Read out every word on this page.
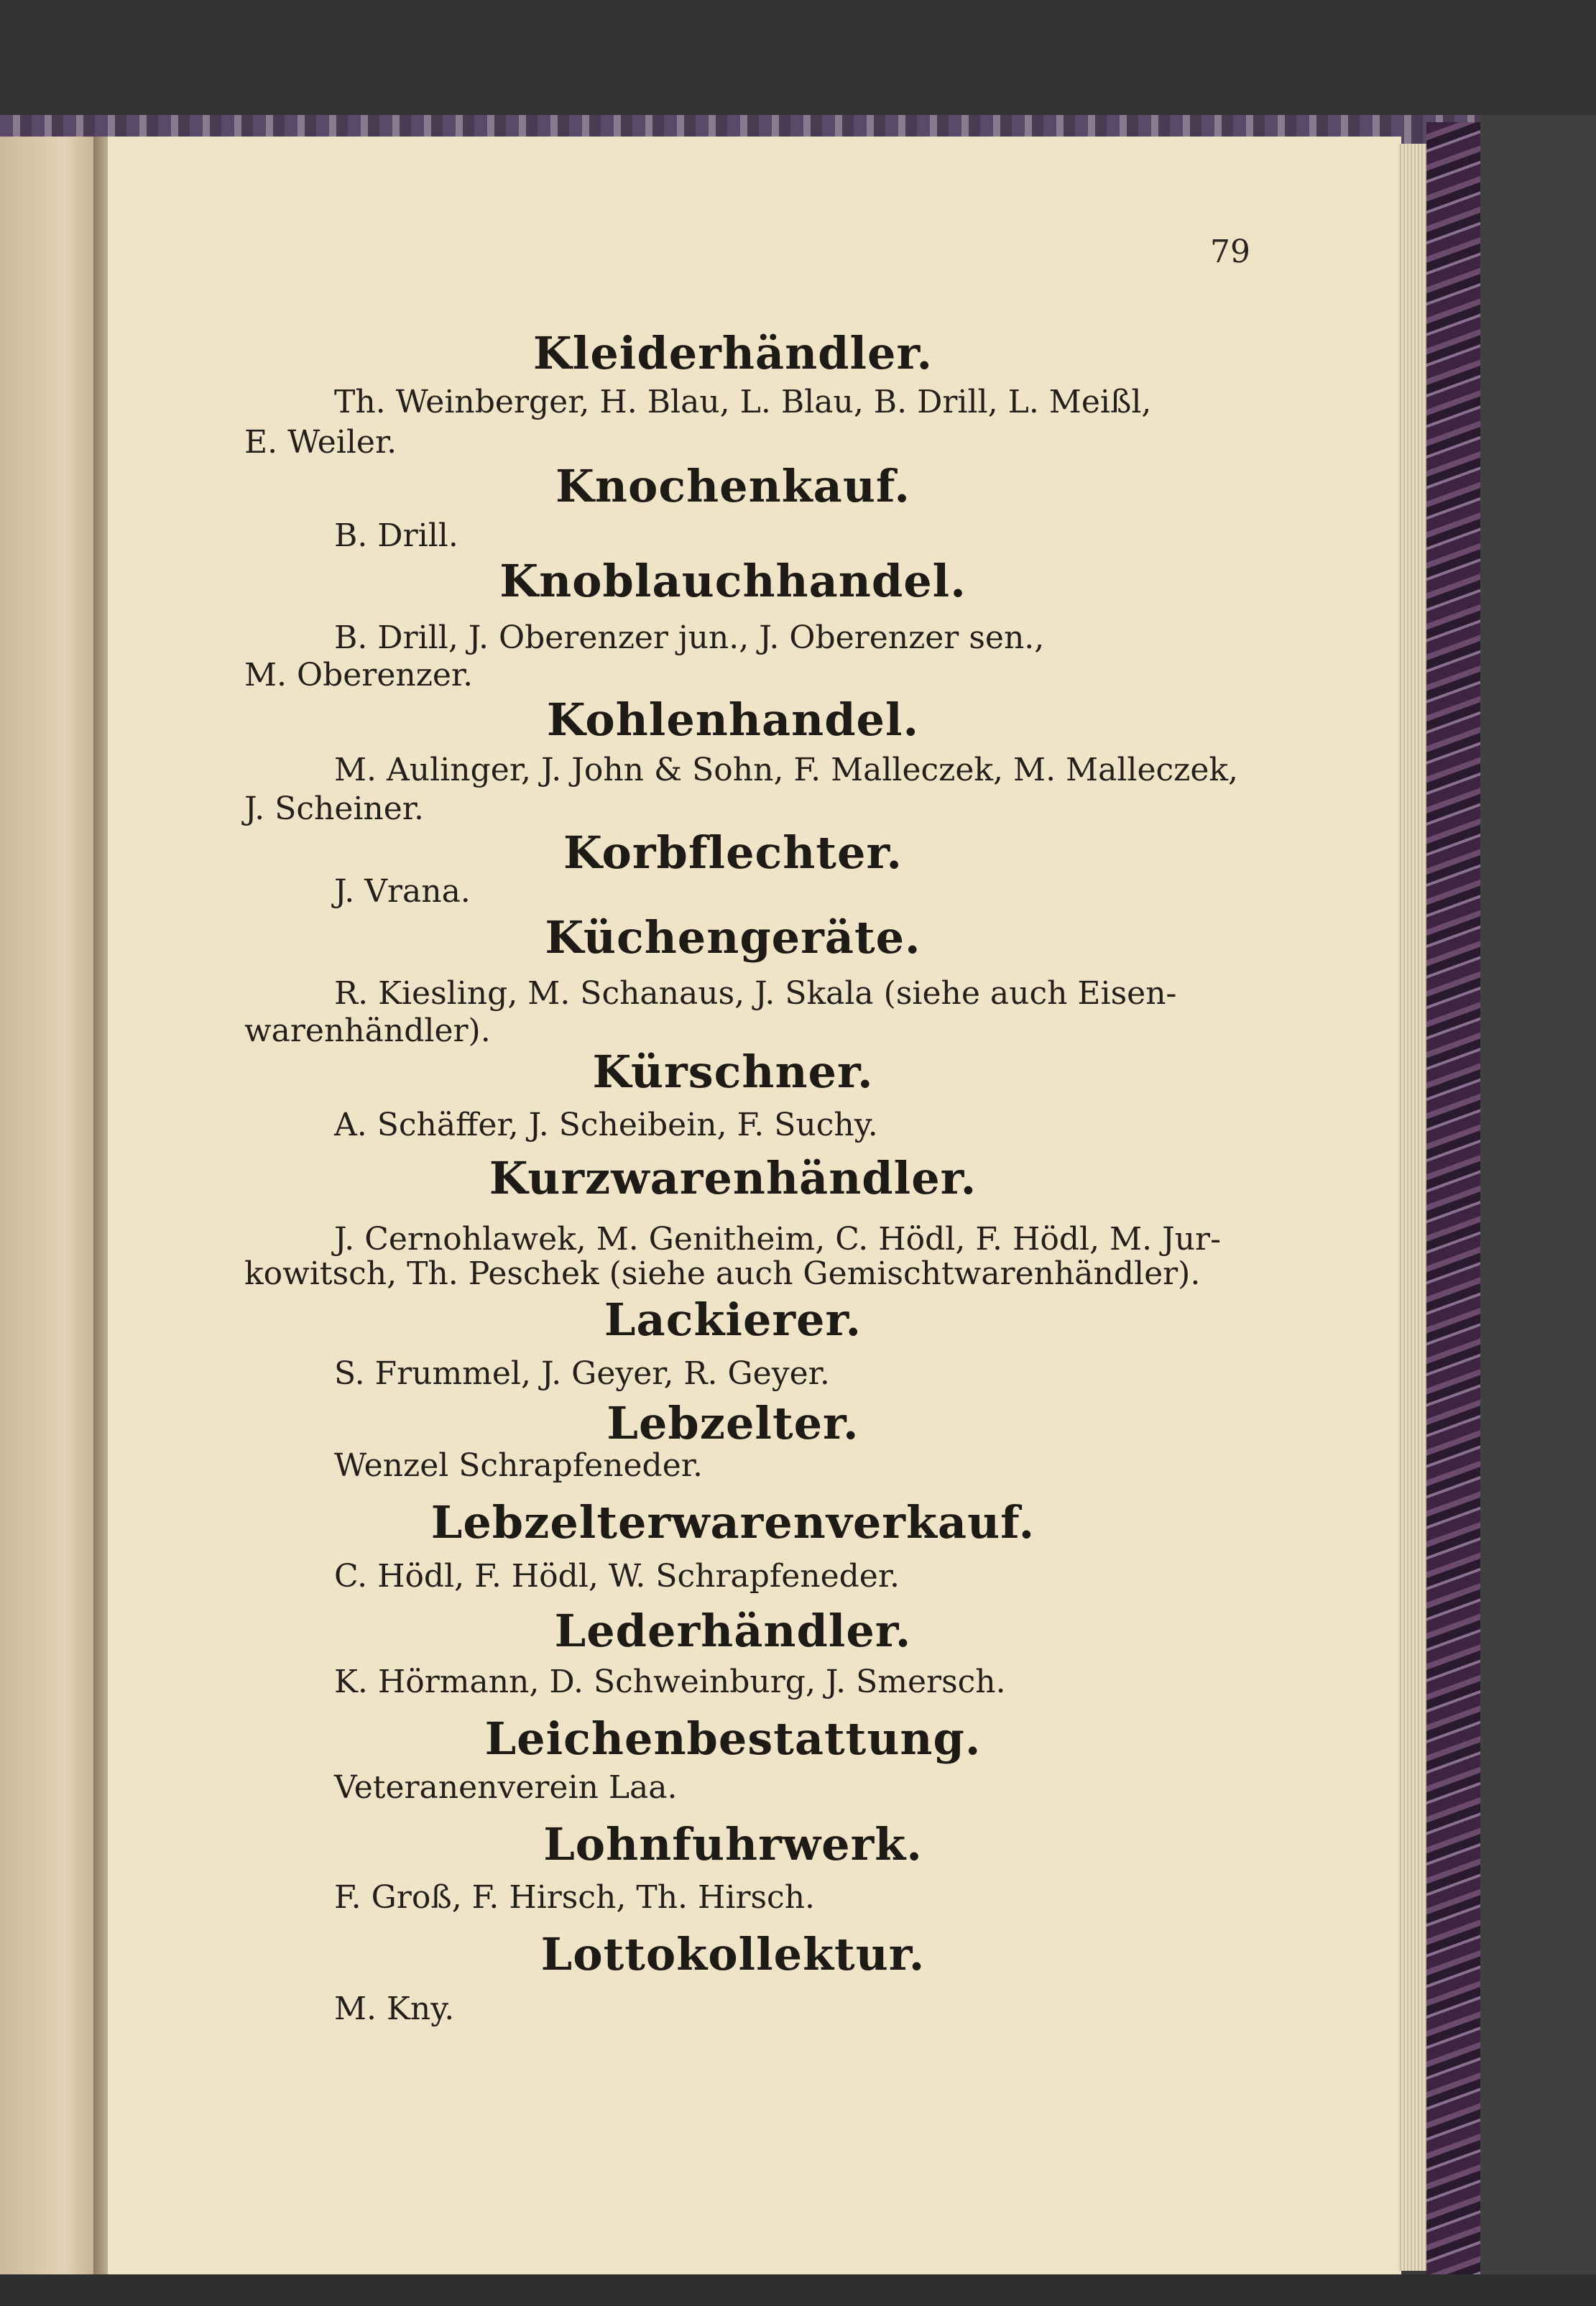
79
Kleiderhändler.
Th. Weinberger, H. Blau, L. Blau, B. Drill, L. Meißl,
E. Weiler.
Knochenkauf.
B. Drill.
Knoblauchhandel.
B. Drill, J. Oberenzer jun., J. Oberenzer sen.,
M. Oberenzer.
Kohlenhandel.
M. Aulinger, J. John & Sohn, F. Malleczek, M. Malleczek,
J. Scheiner.
Korbflechter.
J. Vrana.
Küchengeräte.
R. Kiesling, M. Schanaus, J. Skala (siehe auch Eisen-
warenhändler).
Kürschner.
A. Schäffer, J. Scheibein, F. Suchy.
Kurzwarenhändler.
J. Cernohlawek, M. Genitheim, C. Hödl, F. Hödl, M. Jur-
kowitsch, Th. Peschek (siehe auch Gemischtwarenhändler).
Lackierer.
S. Frummel, J. Geyer, R. Geyer.
Lebzelter.
Wenzel Schrapfeneder.
Lebzelterwarenverkauf.
C. Hödl, F. Hödl, W. Schrapfeneder.
Lederhändler.
K. Hörmann, D. Schweinburg, J. Smersch.
Leichenbestattung.
Veteranenverein Laa.
Lohnfuhrwerk.
F. Groß, F. Hirsch, Th. Hirsch.
Lottokollektur.
M. Kny.
